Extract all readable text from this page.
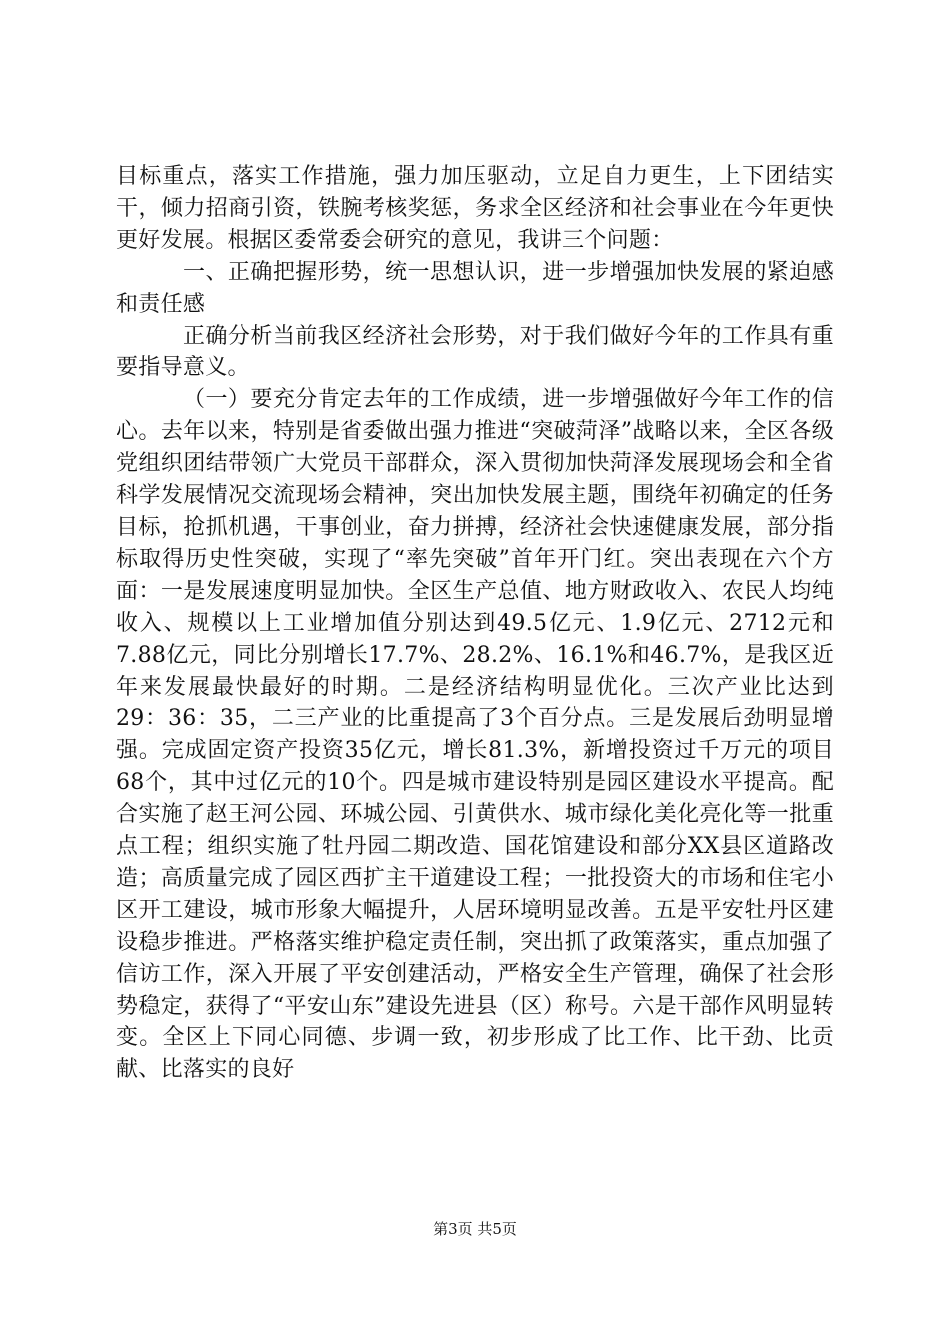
目标重点，落实工作措施，强力加压驱动，立足自力更生，上下团结实干，倾力招商引资，铁腕考核奖惩，务求全区经济和社会事业在今年更快更好发展。根据区委常委会研究的意见，我讲三个问题：

一、正确把握形势，统一思想认识，进一步增强加快发展的紧迫感和责任感

正确分析当前我区经济社会形势，对于我们做好今年的工作具有重要指导意义。

（一）要充分肯定去年的工作成绩，进一步增强做好今年工作的信心。去年以来，特别是省委做出强力推进“突破菏泽”战略以来，全区各级党组织团结带领广大党员干部群众，深入贯彻加快菏泽发展现场会和全省科学发展情况交流现场会精神，突出加快发展主题，围绕年初确定的任务目标，抢抓机遇，干事创业，奋力拼搏，经济社会快速健康发展，部分指标取得历史性突破，实现了“率先突破”首年开门红。突出表现在六个方面：一是发展速度明显加快。全区生产总值、地方财政收入、农民人均纯收入、规模以上工业增加值分别达到49.5亿元、1.9亿元、2712元和7.88亿元，同比分别增长17.7%、28.2%、16.1%和46.7%，是我区近年来发展最快最好的时期。二是经济结构明显优化。三次产业比达到29：36：35，二三产业的比重提高了3个百分点。三是发展后劲明显增强。完成固定资产投资35亿元，增长81.3%，新增投资过千万元的项目68个，其中过亿元的10个。四是城市建设特别是园区建设水平提高。配合实施了赵王河公园、环城公园、引黄供水、城市绿化美化亮化等一批重点工程；组织实施了牡丹园二期改造、国花馆建设和部分XX县区道路改造；高质量完成了园区西扩主干道建设工程；一批投资大的市场和住宅小区开工建设，城市形象大幅提升，人居环境明显改善。五是平安牡丹区建设稳步推进。严格落实维护稳定责任制，突出抓了政策落实，重点加强了信访工作，深入开展了平安创建活动，严格安全生产管理，确保了社会形势稳定，获得了“平安山东”建设先进县（区）称号。六是干部作风明显转变。全区上下同心同德、步调一致，初步形成了比工作、比干劲、比贡献、比落实的良好

第3页 共5页
